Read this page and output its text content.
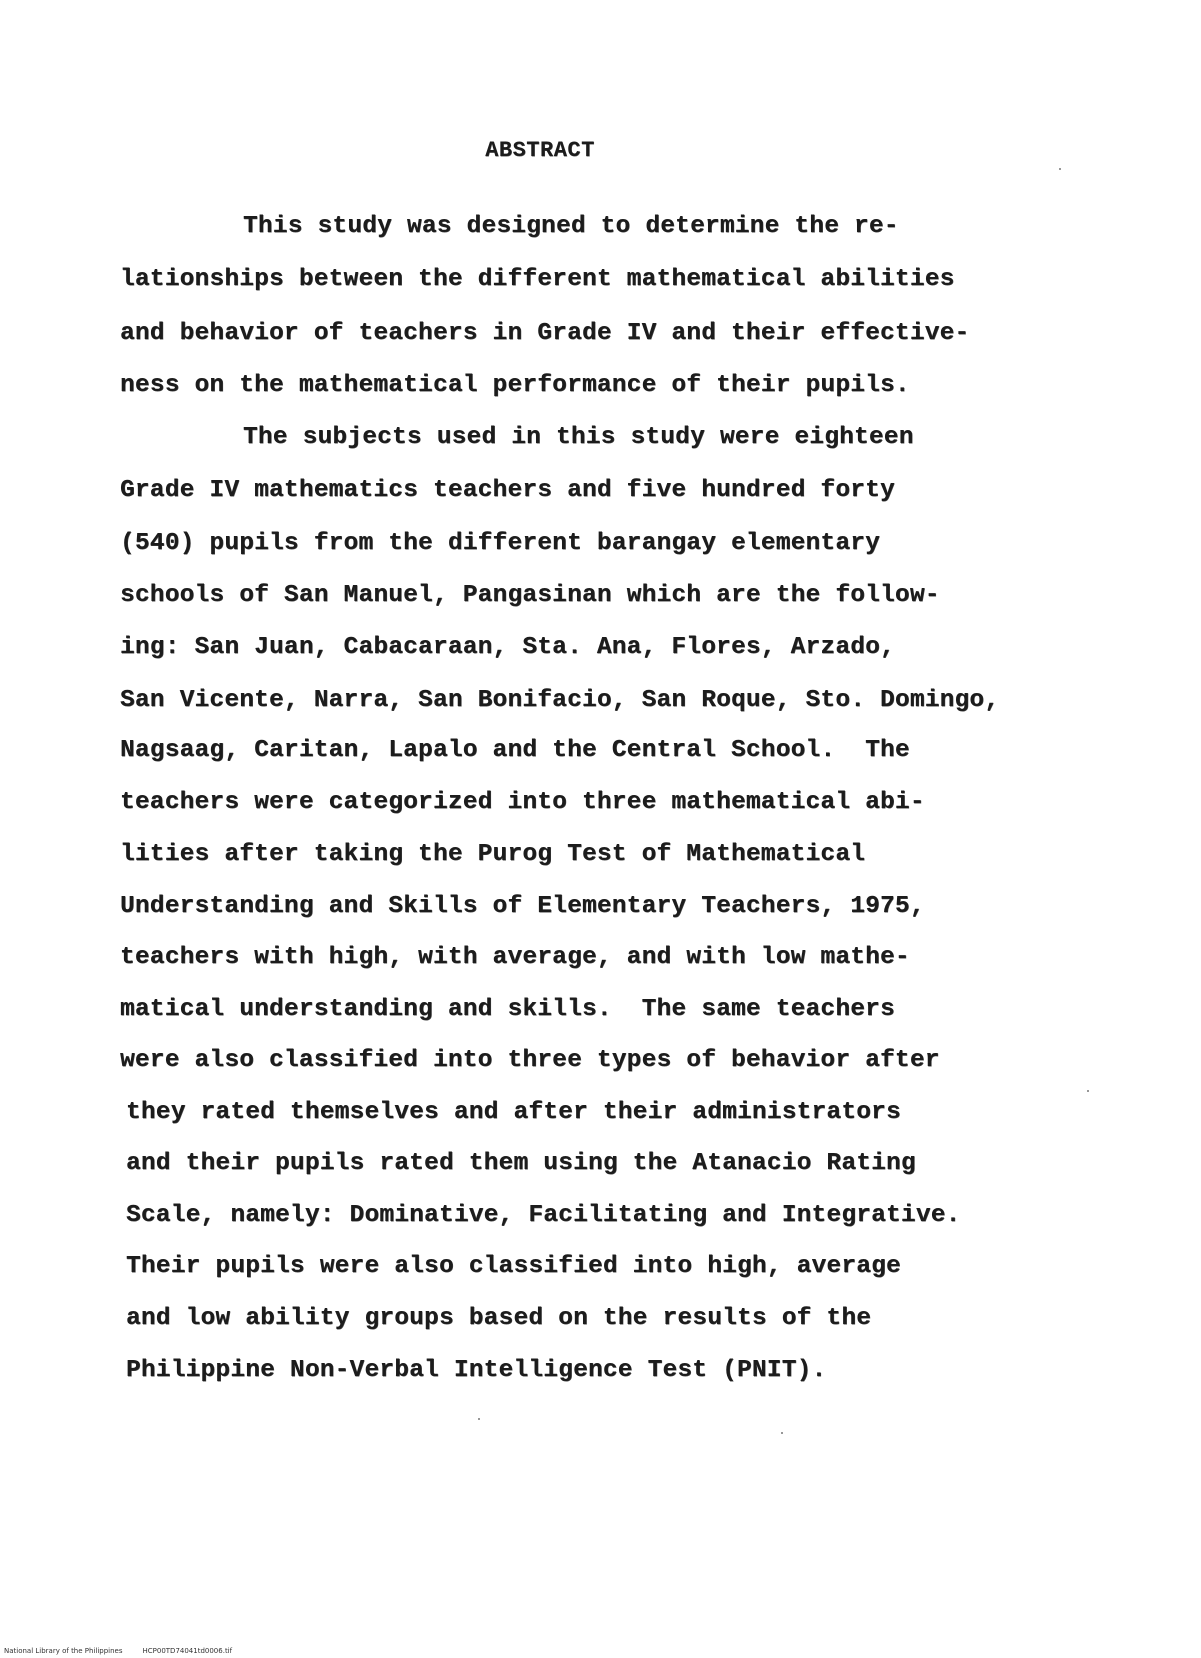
ABSTRACT
This study was designed to determine the re-
lationships between the different mathematical abilities
and behavior of teachers in Grade IV and their effective-
ness on the mathematical performance of their pupils.
The subjects used in this study were eighteen
Grade IV mathematics teachers and five hundred forty
(540) pupils from the different barangay elementary
schools of San Manuel, Pangasinan which are the follow-
ing: San Juan, Cabacaraan, Sta. Ana, Flores, Arzado,
San Vicente, Narra, San Bonifacio, San Roque, Sto. Domingo,
Nagsaag, Caritan, Lapalo and the Central School.  The
teachers were categorized into three mathematical abi-
lities after taking the Purog Test of Mathematical
Understanding and Skills of Elementary Teachers, 1975,
teachers with high, with average, and with low mathe-
matical understanding and skills.  The same teachers
were also classified into three types of behavior after
they rated themselves and after their administrators
and their pupils rated them using the Atanacio Rating
Scale, namely: Dominative, Facilitating and Integrative.
Their pupils were also classified into high, average
and low ability groups based on the results of the
Philippine Non-Verbal Intelligence Test (PNIT).
National Library of the Philippines	HCP00TD74041td0006.tif
